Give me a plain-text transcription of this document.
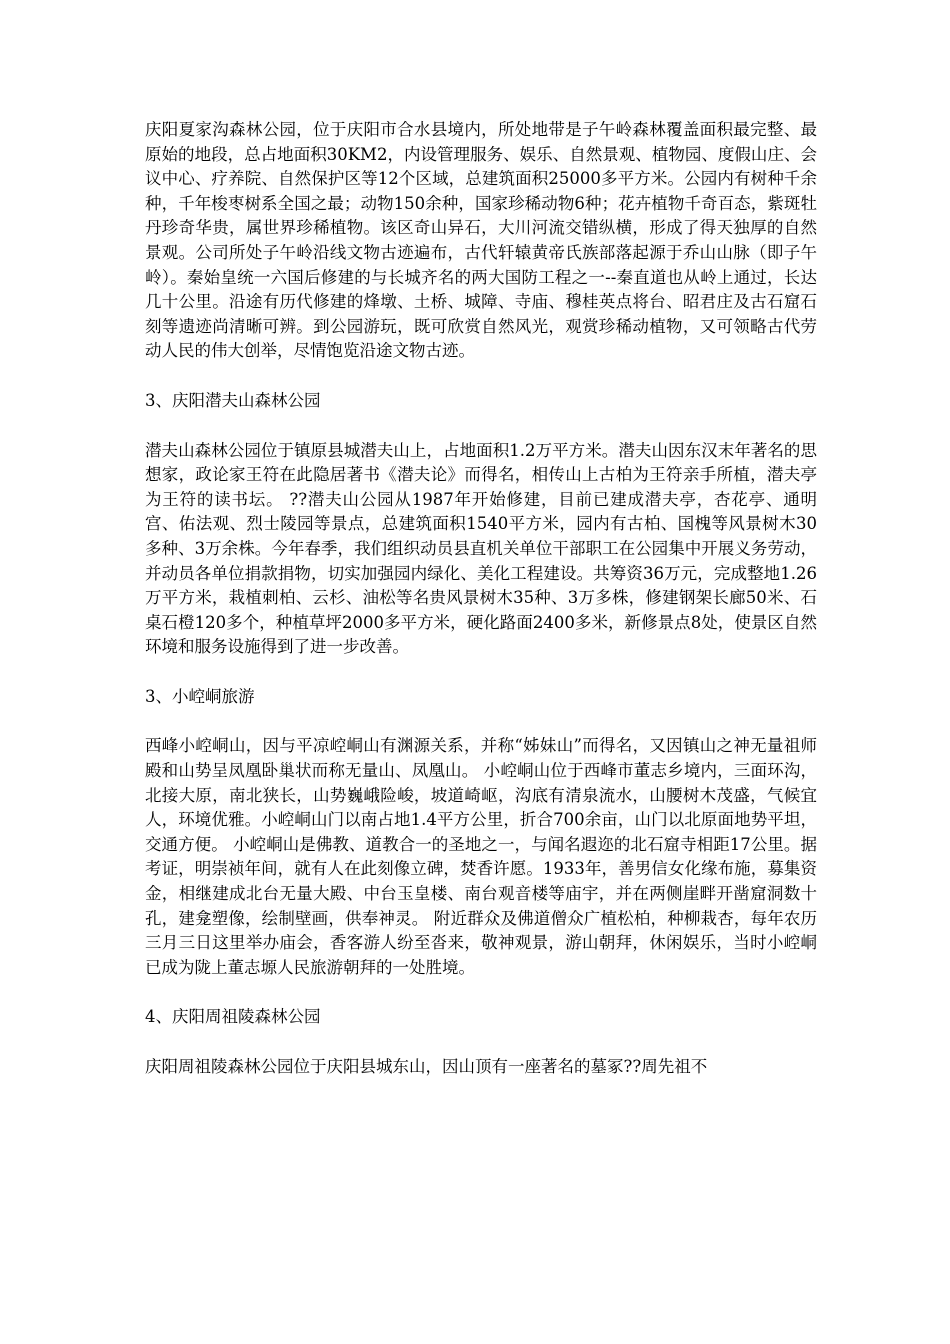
庆阳夏家沟森林公园，位于庆阳市合水县境内，所处地带是子午岭森林覆盖面积最完整、最原始的地段，总占地面积30KM2，内设管理服务、娱乐、自然景观、植物园、度假山庄、会议中心、疗养院、自然保护区等12个区域，总建筑面积25000多平方米。公园内有树种千余种，千年梭枣树系全国之最；动物150余种，国家珍稀动物6种；花卉植物千奇百态，紫斑牡丹珍奇华贵，属世界珍稀植物。该区奇山异石，大川河流交错纵横，形成了得天独厚的自然景观。公司所处子午岭沿线文物古迹遍布，古代轩辕黄帝氏族部落起源于乔山山脉（即子午岭）。秦始皇统一六国后修建的与长城齐名的两大国防工程之一--秦直道也从岭上通过，长达几十公里。沿途有历代修建的烽墩、土桥、城障、寺庙、穆桂英点将台、昭君庄及古石窟石刻等遗迹尚清晰可辨。到公园游玩，既可欣赏自然风光，观赏珍稀动植物，又可领略古代劳动人民的伟大创举，尽情饱览沿途文物古迹。

3、庆阳潜夫山森林公园

潜夫山森林公园位于镇原县城潜夫山上，占地面积1.2万平方米。潜夫山因东汉末年著名的思想家，政论家王符在此隐居著书《潜夫论》而得名，相传山上古柏为王符亲手所植，潜夫亭为王符的读书坛。 ??潜夫山公园从1987年开始修建，目前已建成潜夫亭，杏花亭、通明宫、佑法观、烈士陵园等景点，总建筑面积1540平方米，园内有古柏、国槐等风景树木30多种、3万余株。今年春季，我们组织动员县直机关单位干部职工在公园集中开展义务劳动，并动员各单位捐款捐物，切实加强园内绿化、美化工程建设。共筹资36万元，完成整地1.26万平方米，栽植刺柏、云杉、油松等名贵风景树木35种、3万多株，修建钢架长廊50米、石桌石橙120多个，种植草坪2000多平方米，硬化路面2400多米，新修景点8处，使景区自然环境和服务设施得到了进一步改善。

3、小崆峒旅游

西峰小崆峒山，因与平凉崆峒山有渊源关系，并称“姊妹山”而得名，又因镇山之神无量祖师殿和山势呈凤凰卧巢状而称无量山、凤凰山。 小崆峒山位于西峰市董志乡境内，三面环沟，北接大原，南北狭长，山势巍峨险峻，坡道崎岖，沟底有清泉流水，山腰树木茂盛，气候宜人，环境优雅。小崆峒山门以南占地1.4平方公里，折合700余亩，山门以北原面地势平坦，交通方便。 小崆峒山是佛教、道教合一的圣地之一，与闻名遐迩的北石窟寺相距17公里。据考证，明崇祯年间，就有人在此刻像立碑，焚香许愿。1933年，善男信女化缘布施，募集资金，相继建成北台无量大殿、中台玉皇楼、南台观音楼等庙宇，并在两侧崖畔开凿窟洞数十孔，建龛塑像，绘制壁画，供奉神灵。 附近群众及佛道僧众广植松柏，种柳栽杏，每年农历三月三日这里举办庙会，香客游人纷至沓来，敬神观景，游山朝拜，休闲娱乐，当时小崆峒已成为陇上董志塬人民旅游朝拜的一处胜境。

4、庆阳周祖陵森林公园

庆阳周祖陵森林公园位于庆阳县城东山，因山顶有一座著名的墓冢??周先祖不
